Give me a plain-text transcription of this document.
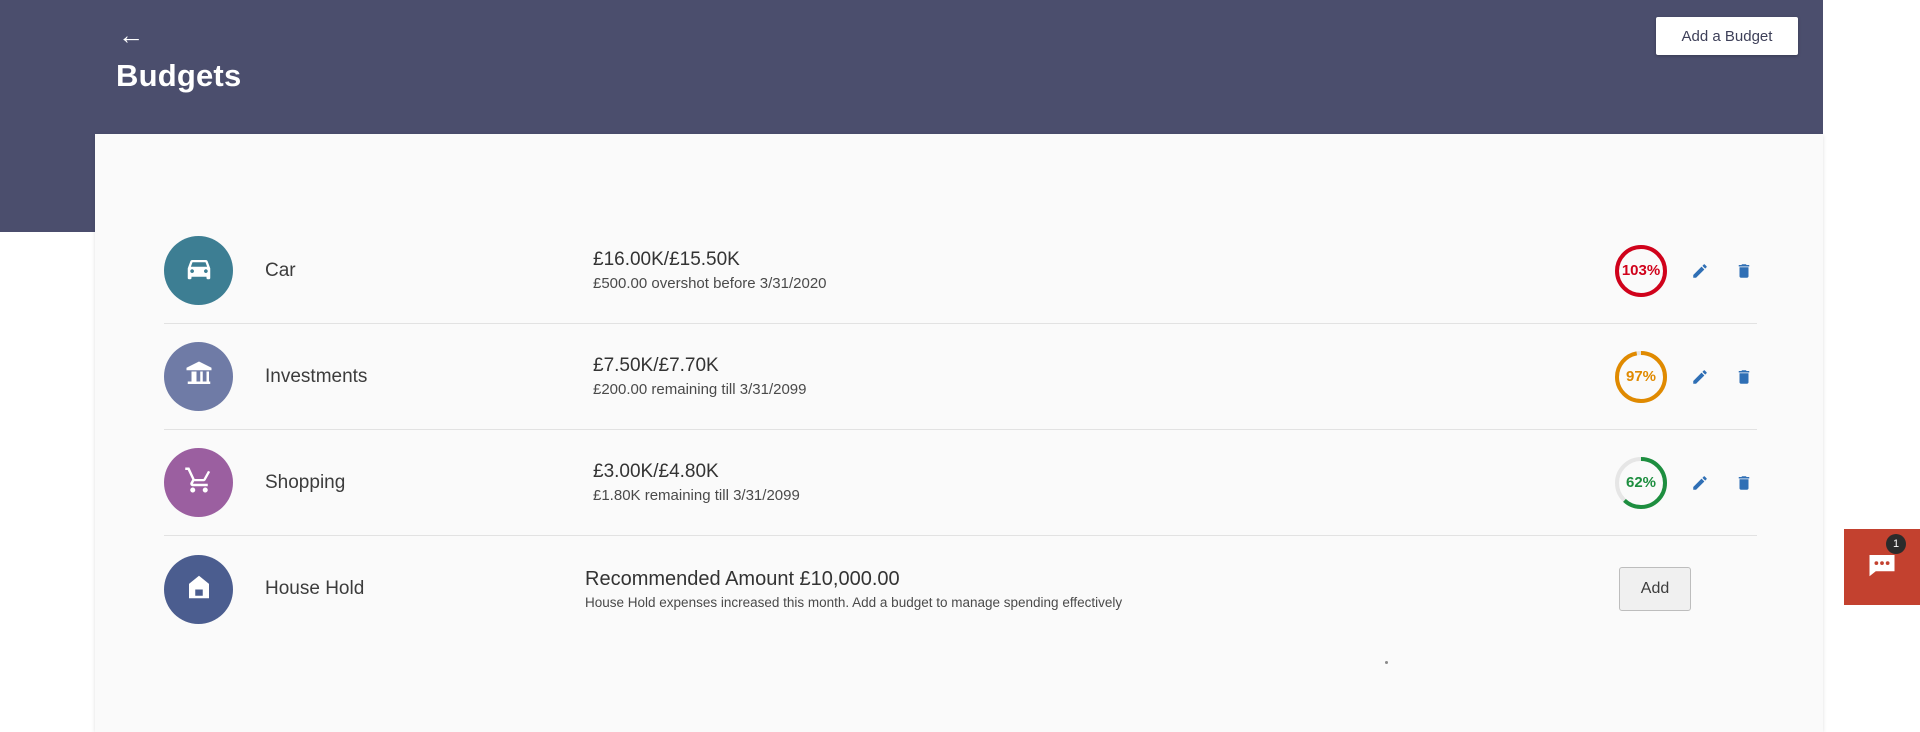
←
Budgets
Add a Budget
Car
£16.00K/£15.50K
£500.00 overshot before 3/31/2020
103%
Investments
£7.50K/£7.70K
£200.00 remaining till 3/31/2099
97%
Shopping
£3.00K/£4.80K
£1.80K remaining till 3/31/2099
62%
House Hold	Recommended Amount £10,000.00
House Hold expenses increased this month. Add a budget to manage spending effectively
Add
1
